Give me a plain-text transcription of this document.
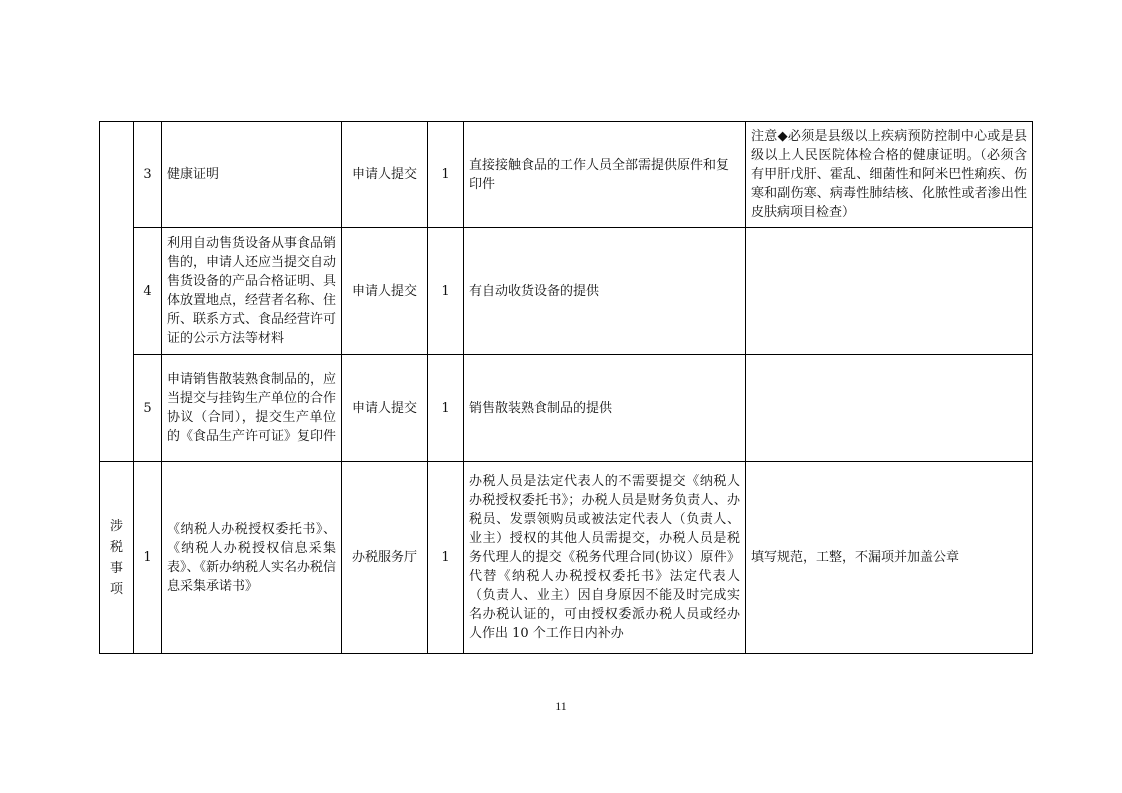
	3	健康证明	申请人提交	1	直接接触食品的工作人员全部需提供原件和复印件	注意◆必须是县级以上疾病预防控制中心或是县级以上人民医院体检合格的健康证明。（必须含有甲肝戊肝、霍乱、细菌性和阿米巴性痢疾、伤寒和副伤寒、病毒性肺结核、化脓性或者渗出性皮肤病项目检查）
	4	利用自动售货设备从事食品销售的，申请人还应当提交自动售货设备的产品合格证明、具体放置地点，经营者名称、住所、联系方式、食品经营许可证的公示方法等材料	申请人提交	1	有自动收货设备的提供	
	5	申请销售散装熟食制品的，应当提交与挂钩生产单位的合作协议（合同），提交生产单位的《食品生产许可证》复印件	申请人提交	1	销售散装熟食制品的提供	
涉税事项	1	《纳税人办税授权委托书》、《纳税人办税授权信息采集表》、《新办纳税人实名办税信息采集承诺书》	办税服务厅	1	办税人员是法定代表人的不需要提交《纳税人办税授权委托书》；办税人员是财务负责人、办税员、发票领购员或被法定代表人（负责人、业主）授权的其他人员需提交，办税人员是税务代理人的提交《税务代理合同(协议）原件》代替《纳税人办税授权委托书》法定代表人（负责人、业主）因自身原因不能及时完成实名办税认证的，可由授权委派办税人员或经办人作出 10 个工作日内补办	填写规范，工整，不漏项并加盖公章
11
